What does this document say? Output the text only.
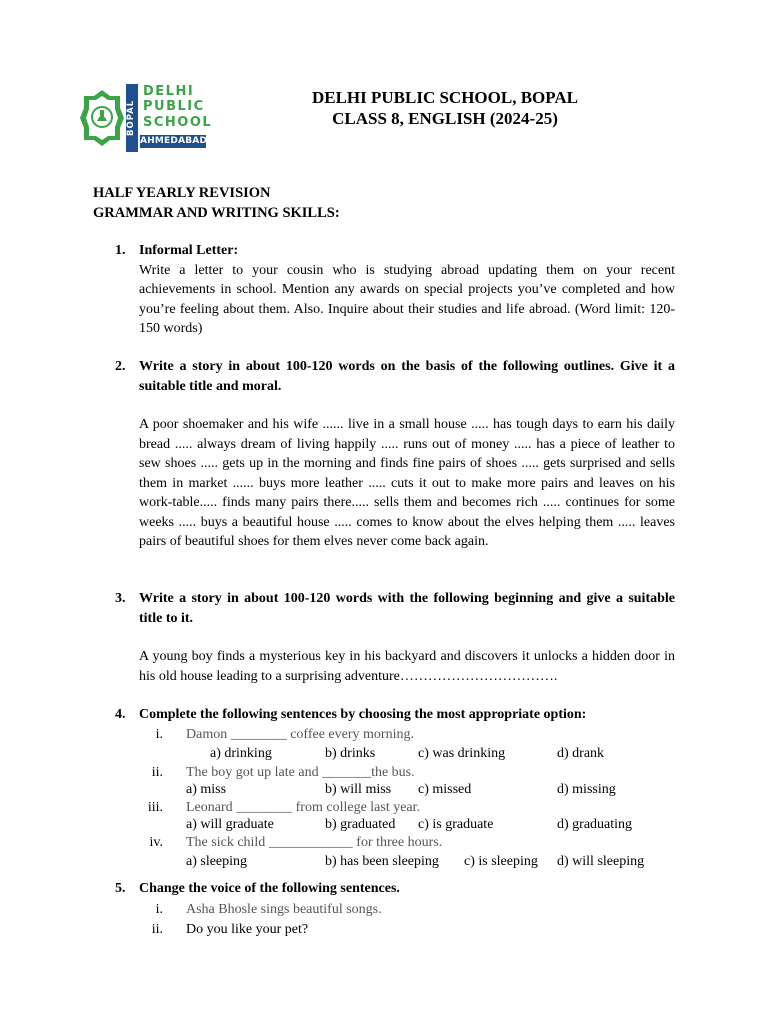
BOPAL
DELHI
PUBLIC
SCHOOL
AHMEDABAD
DELHI PUBLIC SCHOOL, BOPAL
CLASS 8, ENGLISH (2024-25)
HALF YEARLY REVISION
GRAMMAR AND WRITING SKILLS:
1. Informal Letter:
Write a letter to your cousin who is studying abroad updating them on your recent achievements in school. Mention any awards on special projects you’ve completed and how you’re feeling about them. Also. Inquire about their studies and life abroad. (Word limit: 120-150 words)
2. Write a story in about 100-120 words on the basis of the following outlines. Give it a suitable title and moral.
A poor shoemaker and his wife ...... live in a small house ..... has tough days to earn his daily bread ..... always dream of living happily ..... runs out of money ..... has a piece of leather to sew shoes ..... gets up in the morning and finds fine pairs of shoes ..... gets surprised and sells them in market ...... buys more leather ..... cuts it out to make more pairs and leaves on his work-table..... finds many pairs there..... sells them and becomes rich ..... continues for some weeks ..... buys a beautiful house ..... comes to know about the elves helping them ..... leaves pairs of beautiful shoes for them elves never come back again.
3. Write a story in about 100-120 words with the following beginning and give a suitable title to it.
A young boy finds a mysterious key in his backyard and discovers it unlocks a hidden door in his old house leading to a surprising adventure…………………………….
4. Complete the following sentences by choosing the most appropriate option:
i. Damon ________ coffee every morning.
a) drinking	b) drinks	c) was drinking	d) drank
ii. The boy got up late and _______the bus.
a) miss	b) will miss c) missed	d) missing
iii. Leonard ________ from college last year.
a) will graduate	b) graduated c) is graduate	d) graduating
iv. The sick child ____________ for three hours.
a) sleeping	b) has been sleeping c) is sleeping d) will sleeping
5. Change the voice of the following sentences.
i. Asha Bhosle sings beautiful songs.
ii. Do you like your pet?
